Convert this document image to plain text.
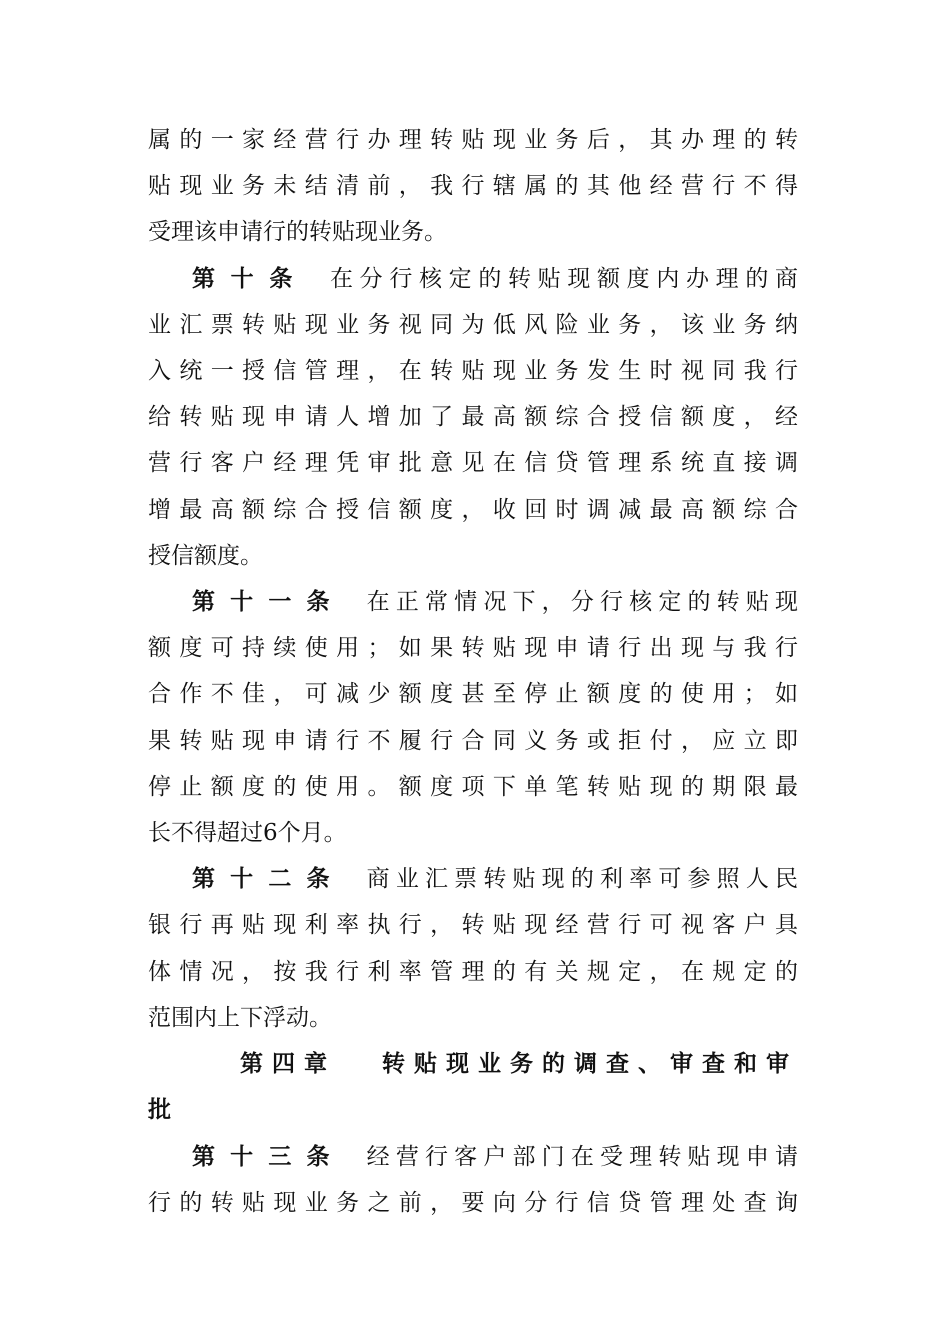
属的一家经营行办理转贴现业务后，其办理的转
贴现业务未结清前，我行辖属的其他经营行不得
受理该申请行的转贴现业务。
第十条 在分行核定的转贴现额度内办理的商
业汇票转贴现业务视同为低风险业务，该业务纳
入统一授信管理，在转贴现业务发生时视同我行
给转贴现申请人增加了最高额综合授信额度，经
营行客户经理凭审批意见在信贷管理系统直接调
增最高额综合授信额度，收回时调减最高额综合
授信额度。
第十一条 在正常情况下，分行核定的转贴现
额度可持续使用；如果转贴现申请行出现与我行
合作不佳，可减少额度甚至停止额度的使用；如
果转贴现申请行不履行合同义务或拒付，应立即
停止额度的使用。额度项下单笔转贴现的期限最
长不得超过6个月。
第十二条 商业汇票转贴现的利率可参照人民
银行再贴现利率执行，转贴现经营行可视客户具
体情况，按我行利率管理的有关规定，在规定的
范围内上下浮动。
第四章 转贴现业务的调查、审查和审
批
第十三条 经营行客户部门在受理转贴现申请
行的转贴现业务之前，要向分行信贷管理处查询
